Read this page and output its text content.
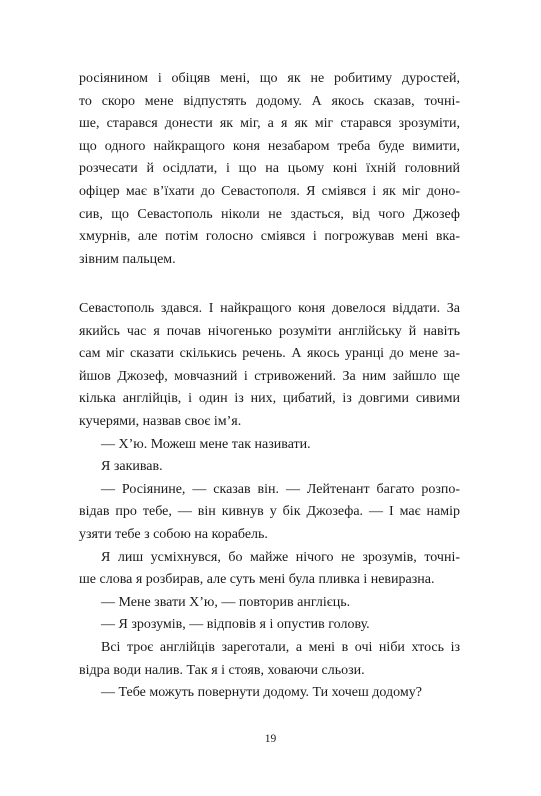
росіянином і обіцяв мені, що як не робитиму дуростей,
то скоро мене відпустять додому. А якось сказав, точні-
ше, старався донести як міг, а я як міг старався зрозуміти,
що одного найкращого коня незабаром треба буде вимити,
розчесати й осідлати, і що на цьому коні їхній головний
офіцер має в’їхати до Севастополя. Я сміявся і як міг доно-
сив, що Севастополь ніколи не здасться, від чого Джозеф
хмурнів, але потім голосно сміявся і погрожував мені вка-
зівним пальцем.
Севастополь здався. І найкращого коня довелося віддати. За
якийсь час я почав нічогенько розуміти англійську й навіть
сам міг сказати скількись речень. А якось уранці до мене за-
йшов Джозеф, мовчазний і стривожений. За ним зайшло ще
кілька англійців, і один із них, цибатий, із довгими сивими
кучерями, назвав своє ім’я.
— Х’ю. Можеш мене так називати.
Я закивав.
— Росіянине, — сказав він. — Лейтенант багато розпо-
відав про тебе, — він кивнув у бік Джозефа. — І має намір
узяти тебе з собою на корабель.
Я лиш усміхнувся, бо майже нічого не зрозумів, точні-
ше слова я розбирав, але суть мені була пливка і невиразна.
— Мене звати Х’ю, — повторив англієць.
— Я зрозумів, — відповів я і опустив голову.
Всі троє англійців зареготали, а мені в очі ніби хтось із
відра води налив. Так я і стояв, ховаючи сльози.
— Тебе можуть повернути додому. Ти хочеш додому?
19
